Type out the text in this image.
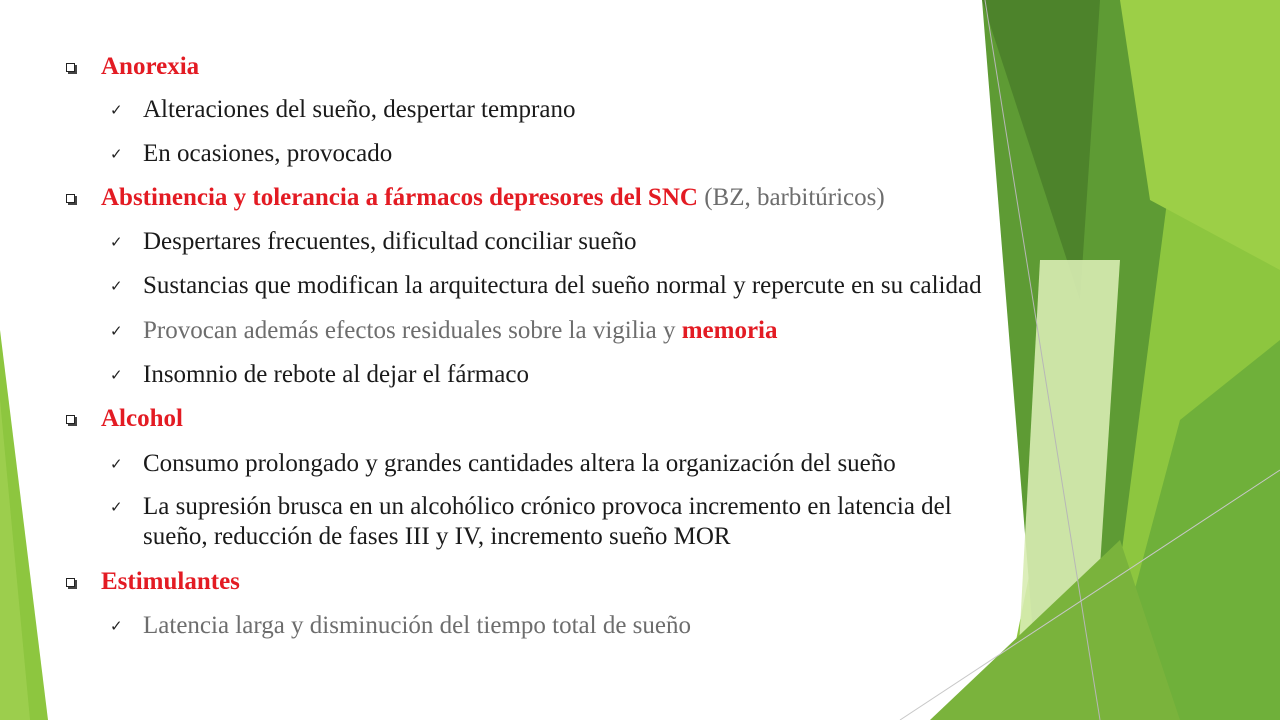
Anorexia
✓ Alteraciones del sueño, despertar temprano
✓ En ocasiones, provocado
Abstinencia y tolerancia a fármacos depresores del SNC (BZ, barbitúricos)
✓ Despertares frecuentes, dificultad conciliar sueño
✓ Sustancias que modifican la arquitectura del sueño normal y repercute en su calidad
✓ Provocan además efectos residuales sobre la vigilia y memoria
✓ Insomnio de rebote al dejar el fármaco
Alcohol
✓ Consumo prolongado y grandes cantidades altera la organización del sueño
✓ La supresión brusca en un alcohólico crónico provoca incremento en latencia del
sueño, reducción de fases III y IV, incremento sueño MOR
Estimulantes
✓ Latencia larga y disminución del tiempo total de sueño
